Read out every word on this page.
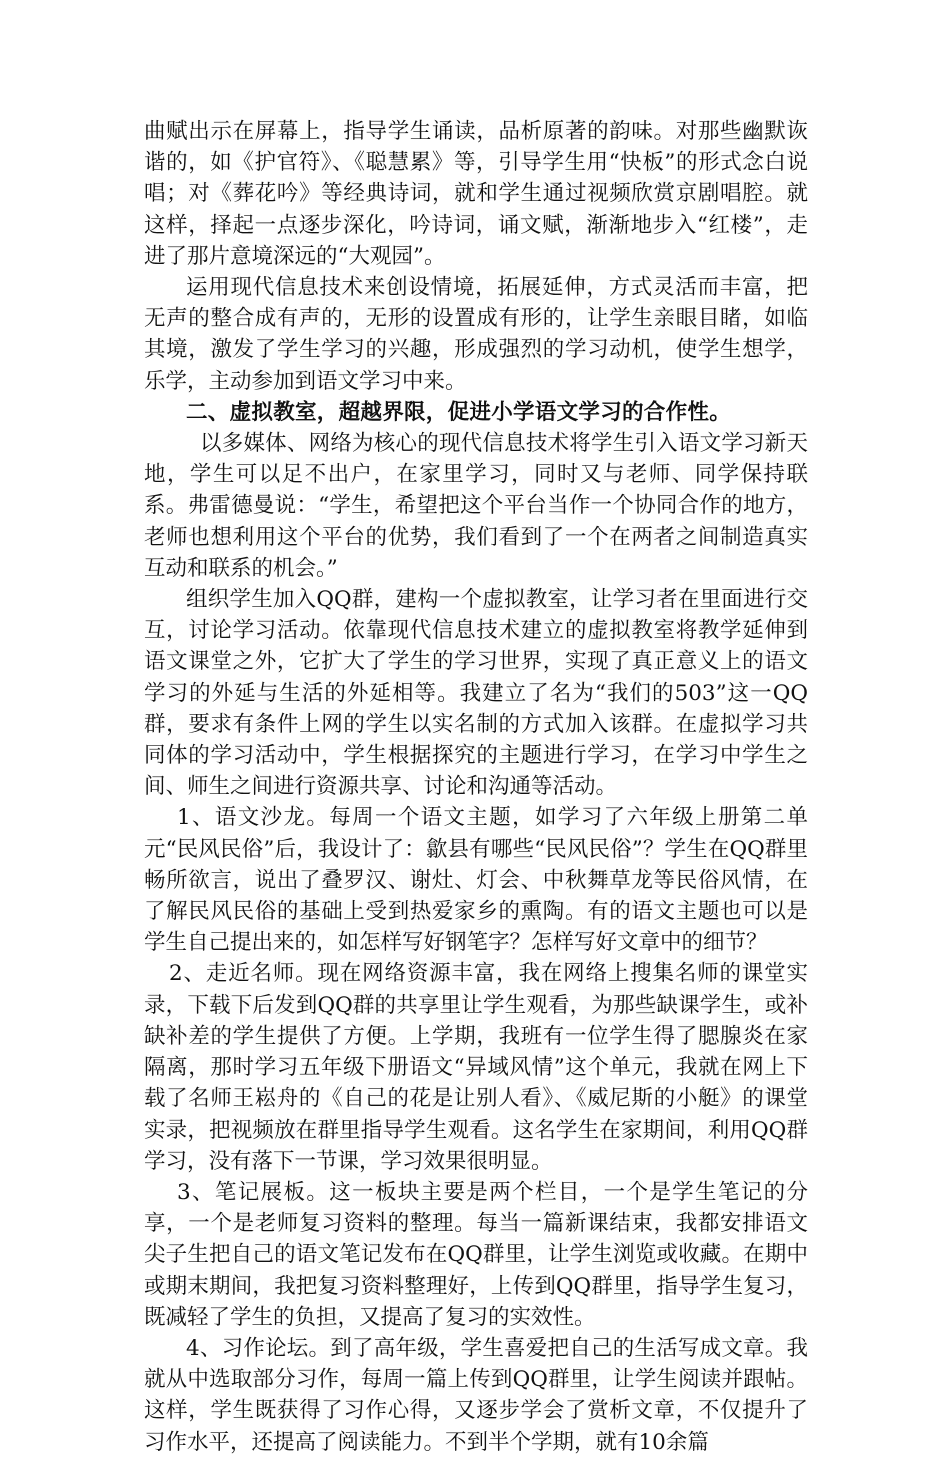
曲赋出示在屏幕上，指导学生诵读，品析原著的韵味。对那些幽默诙谐的，如《护官符》、《聪慧累》等，引导学生用“快板”的形式念白说唱；对《葬花吟》等经典诗词，就和学生通过视频欣赏京剧唱腔。就这样，择起一点逐步深化，吟诗词，诵文赋，渐渐地步入“红楼”，走进了那片意境深远的“大观园”。

运用现代信息技术来创设情境，拓展延伸，方式灵活而丰富，把无声的整合成有声的，无形的设置成有形的，让学生亲眼目睹，如临其境，激发了学生学习的兴趣，形成强烈的学习动机，使学生想学，乐学，主动参加到语文学习中来。

二、虚拟教室，超越界限，促进小学语文学习的合作性。

以多媒体、网络为核心的现代信息技术将学生引入语文学习新天地，学生可以足不出户，在家里学习，同时又与老师、同学保持联系。弗雷德曼说：“学生，希望把这个平台当作一个协同合作的地方，老师也想利用这个平台的优势，我们看到了一个在两者之间制造真实互动和联系的机会。”

组织学生加入QQ群，建构一个虚拟教室，让学习者在里面进行交互，讨论学习活动。依靠现代信息技术建立的虚拟教室将教学延伸到语文课堂之外，它扩大了学生的学习世界，实现了真正意义上的语文学习的外延与生活的外延相等。我建立了名为“我们的503”这一QQ群，要求有条件上网的学生以实名制的方式加入该群。在虚拟学习共同体的学习活动中，学生根据探究的主题进行学习，在学习中学生之间、师生之间进行资源共享、讨论和沟通等活动。

1、语文沙龙。每周一个语文主题，如学习了六年级上册第二单元“民风民俗”后，我设计了：歙县有哪些“民风民俗”？学生在QQ群里畅所欲言，说出了叠罗汉、谢灶、灯会、中秋舞草龙等民俗风情，在了解民风民俗的基础上受到热爱家乡的熏陶。有的语文主题也可以是学生自己提出来的，如怎样写好钢笔字？怎样写好文章中的细节？

2、走近名师。现在网络资源丰富，我在网络上搜集名师的课堂实录，下载下后发到QQ群的共享里让学生观看，为那些缺课学生，或补缺补差的学生提供了方便。上学期，我班有一位学生得了腮腺炎在家隔离，那时学习五年级下册语文“异域风情”这个单元，我就在网上下载了名师王崧舟的《自己的花是让别人看》、《威尼斯的小艇》的课堂实录，把视频放在群里指导学生观看。这名学生在家期间，利用QQ群学习，没有落下一节课，学习效果很明显。

3、笔记展板。这一板块主要是两个栏目，一个是学生笔记的分享，一个是老师复习资料的整理。每当一篇新课结束，我都安排语文尖子生把自己的语文笔记发布在QQ群里，让学生浏览或收藏。在期中或期末期间，我把复习资料整理好，上传到QQ群里，指导学生复习，既减轻了学生的负担，又提高了复习的实效性。

4、习作论坛。到了高年级，学生喜爱把自己的生活写成文章。我就从中选取部分习作，每周一篇上传到QQ群里，让学生阅读并跟帖。这样，学生既获得了习作心得，又逐步学会了赏析文章，不仅提升了习作水平，还提高了阅读能力。不到半个学期，就有10余篇
